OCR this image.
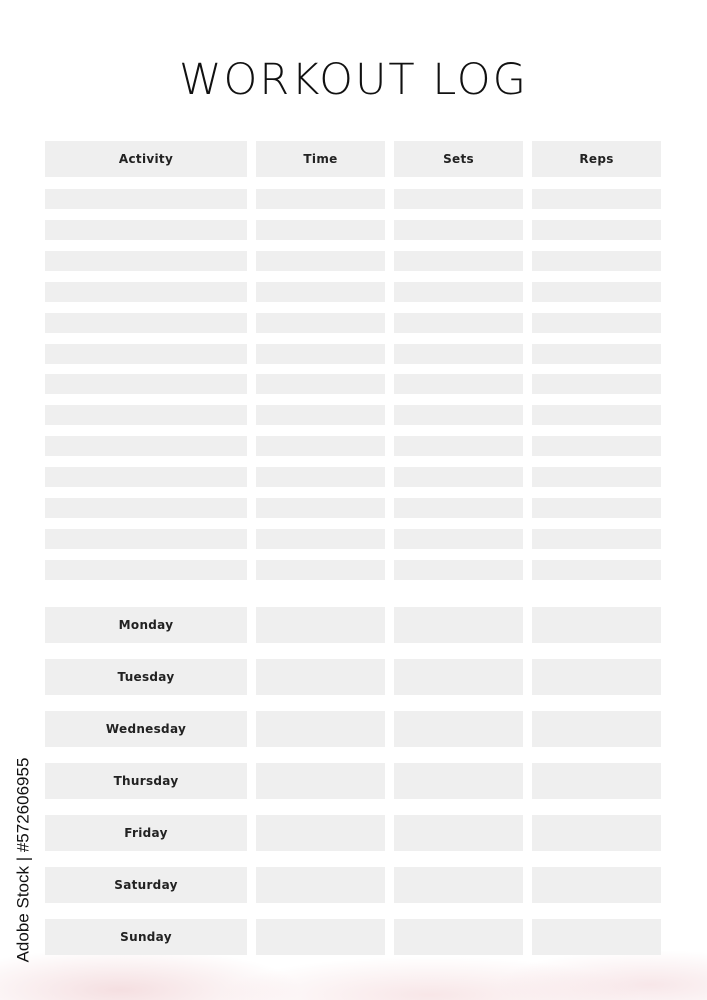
WORKOUT LOG
Activity	Time	Sets	Reps
Monday
Tuesday
Wednesday
Thursday
Friday
Saturday
Sunday
Adobe Stock | #572606955
